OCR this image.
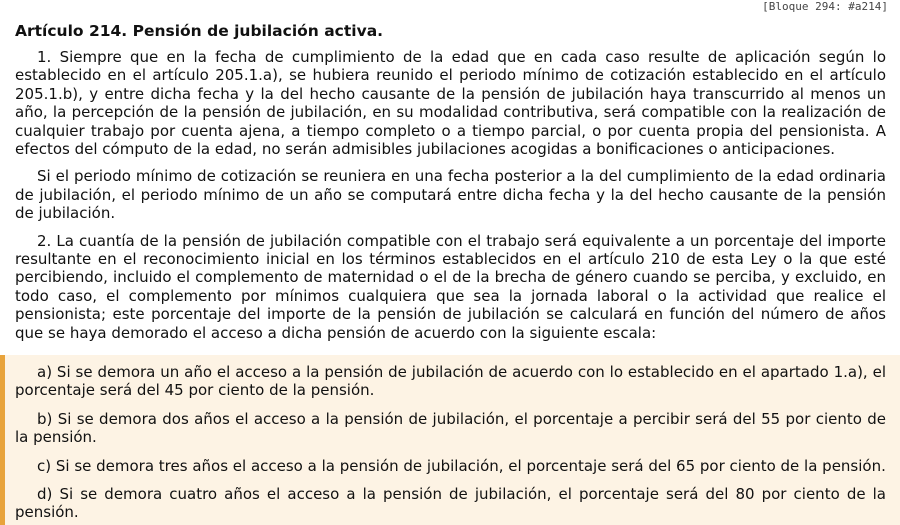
[Bloque 294: #a214]
Artículo 214. Pensión de jubilación activa.

1. Siempre que en la fecha de cumplimiento de la edad que en cada caso resulte de aplicación según lo establecido en el artículo 205.1.a), se hubiera reunido el periodo mínimo de cotización establecido en el artículo 205.1.b), y entre dicha fecha y la del hecho causante de la pensión de jubilación haya transcurrido al menos un año, la percepción de la pensión de jubilación, en su modalidad contributiva, será compatible con la realización de cualquier trabajo por cuenta ajena, a tiempo completo o a tiempo parcial, o por cuenta propia del pensionista. A efectos del cómputo de la edad, no serán admisibles jubilaciones acogidas a bonificaciones o anticipaciones.

Si el periodo mínimo de cotización se reuniera en una fecha posterior a la del cumplimiento de la edad ordinaria de jubilación, el periodo mínimo de un año se computará entre dicha fecha y la del hecho causante de la pensión de jubilación.

2. La cuantía de la pensión de jubilación compatible con el trabajo será equivalente a un porcentaje del importe resultante en el reconocimiento inicial en los términos establecidos en el artículo 210 de esta Ley o la que esté percibiendo, incluido el complemento de maternidad o el de la brecha de género cuando se perciba, y excluido, en todo caso, el complemento por mínimos cualquiera que sea la jornada laboral o la actividad que realice el pensionista; este porcentaje del importe de la pensión de jubilación se calculará en función del número de años que se haya demorado el acceso a dicha pensión de acuerdo con la siguiente escala:

a) Si se demora un año el acceso a la pensión de jubilación de acuerdo con lo establecido en el apartado 1.a), el porcentaje será del 45 por ciento de la pensión.

b) Si se demora dos años el acceso a la pensión de jubilación, el porcentaje a percibir será del 55 por ciento de la pensión.

c) Si se demora tres años el acceso a la pensión de jubilación, el porcentaje será del 65 por ciento de la pensión.

d) Si se demora cuatro años el acceso a la pensión de jubilación, el porcentaje será del 80 por ciento de la pensión.
